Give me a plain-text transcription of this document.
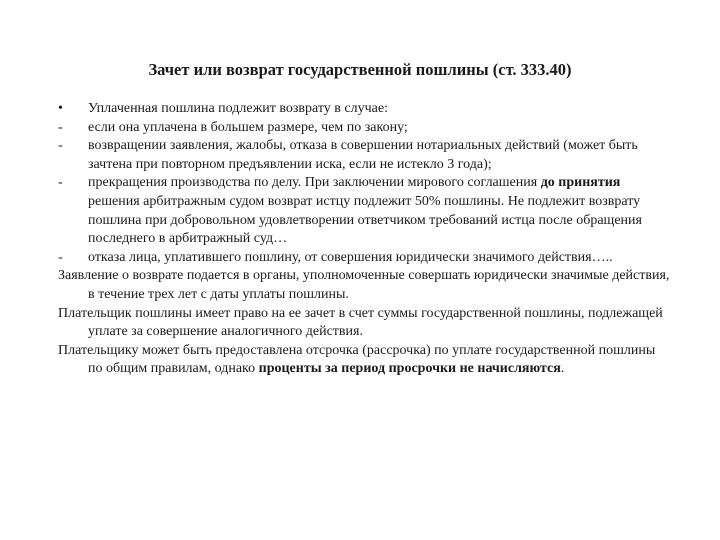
Зачет или возврат государственной пошлины (ст. 333.40)
• Уплаченная пошлина подлежит возврату в случае:
- если она уплачена в большем размере, чем по закону;
- возвращении заявления, жалобы, отказа в совершении нотариальных действий (может быть зачтена при повторном предъявлении иска, если не истекло 3 года);
- прекращения производства по делу. При заключении мирового соглашения до принятия решения арбитражным судом возврат истцу подлежит 50% пошлины. Не подлежит возврату пошлина при добровольном удовлетворении ответчиком требований истца после обращения последнего в арбитражный суд…
- отказа лица, уплатившего пошлину, от совершения юридически значимого действия…..
Заявление о возврате подается в органы, уполномоченные совершать юридически значимые действия, в течение трех лет с даты уплаты пошлины.
Плательщик пошлины имеет право на ее зачет в счет суммы государственной пошлины, подлежащей уплате за совершение аналогичного действия.
Плательщику может быть предоставлена отсрочка (рассрочка) по уплате государственной пошлины по общим правилам, однако проценты за период просрочки не начисляются.
